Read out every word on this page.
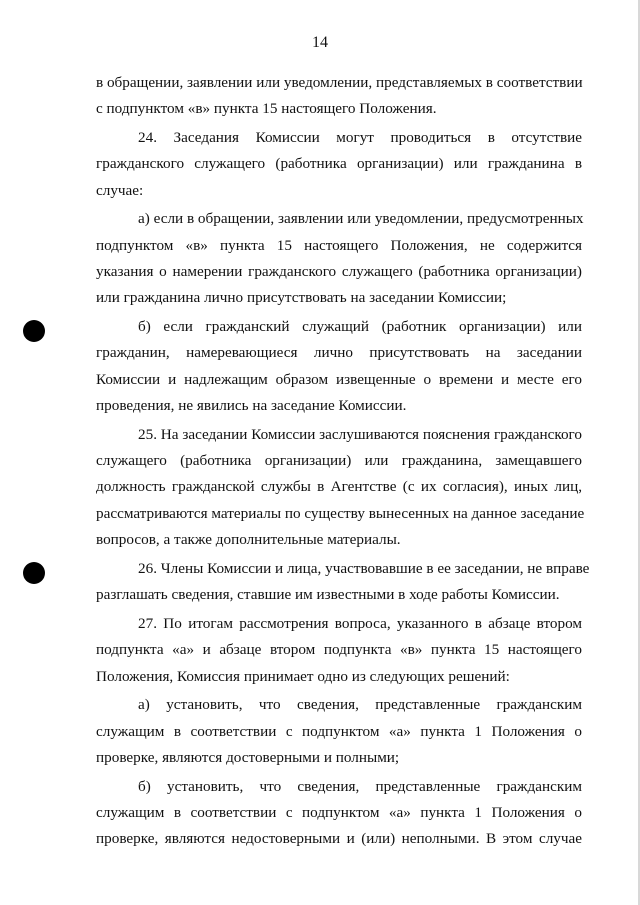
14
в обращении, заявлении или уведомлении, представляемых в соответствии
с подпунктом «в» пункта 15 настоящего Положения.
24. Заседания Комиссии могут проводиться в отсутствие
гражданского служащего (работника организации) или гражданина в
случае:
а) если в обращении, заявлении или уведомлении, предусмотренных
подпунктом «в» пункта 15 настоящего Положения, не содержится
указания о намерении гражданского служащего (работника организации)
или гражданина лично присутствовать на заседании Комиссии;
б) если гражданский служащий (работник организации) или
гражданин, намеревающиеся лично присутствовать на заседании
Комиссии и надлежащим образом извещенные о времени и месте его
проведения, не явились на заседание Комиссии.
25. На заседании Комиссии заслушиваются пояснения гражданского
служащего (работника организации) или гражданина, замещавшего
должность гражданской службы в Агентстве (с их согласия), иных лиц,
рассматриваются материалы по существу вынесенных на данное заседание
вопросов, а также дополнительные материалы.
26. Члены Комиссии и лица, участвовавшие в ее заседании, не вправе
разглашать сведения, ставшие им известными в ходе работы Комиссии.
27. По итогам рассмотрения вопроса, указанного в абзаце втором
подпункта «а» и абзаце втором подпункта «в» пункта 15 настоящего
Положения, Комиссия принимает одно из следующих решений:
а) установить, что сведения, представленные гражданским
служащим в соответствии с подпунктом «а» пункта 1 Положения о
проверке, являются достоверными и полными;
б) установить, что сведения, представленные гражданским
служащим в соответствии с подпунктом «а» пункта 1 Положения о
проверке, являются недостоверными и (или) неполными. В этом случае
